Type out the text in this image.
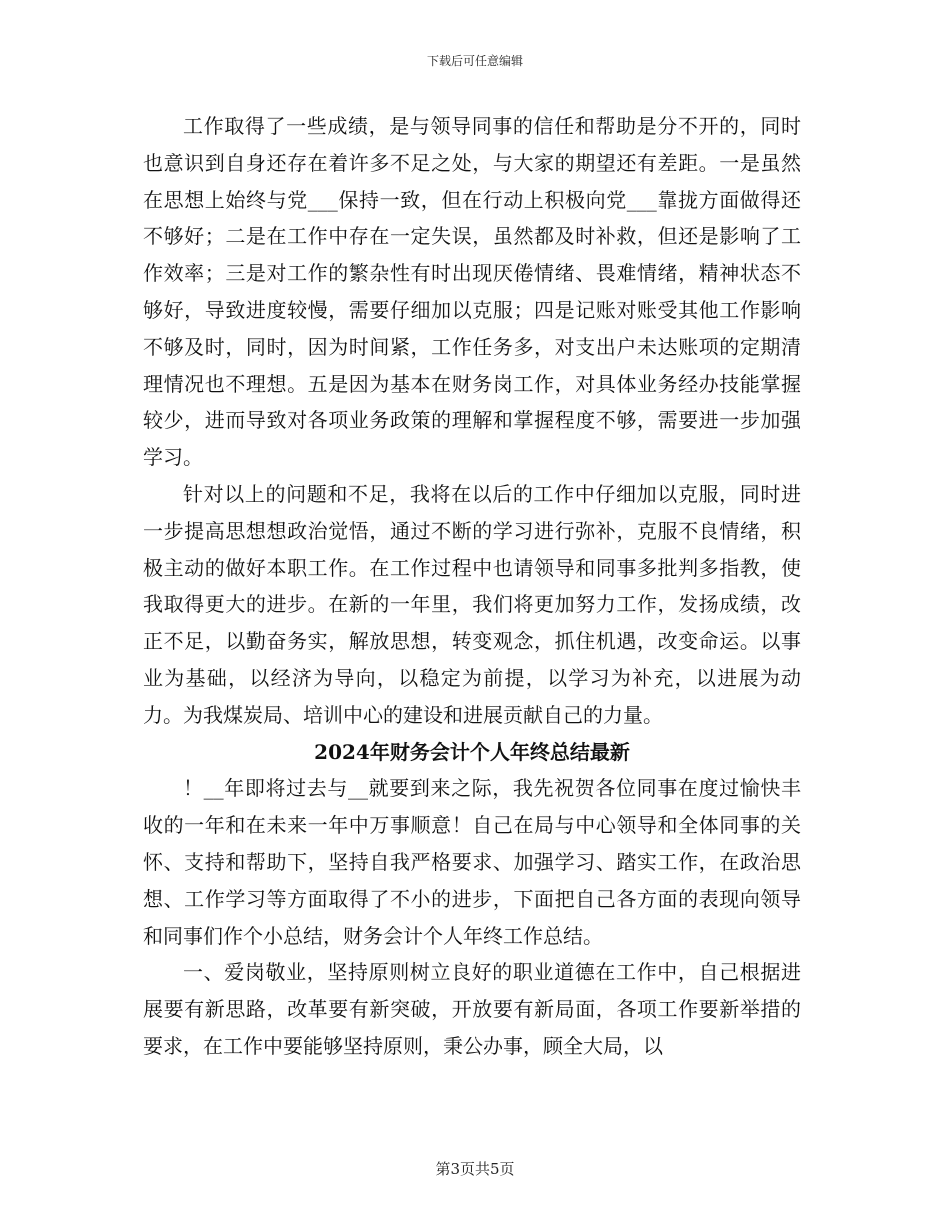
下载后可任意编辑

工作取得了一些成绩，是与领导同事的信任和帮助是分不开的，同时也意识到自身还存在着许多不足之处，与大家的期望还有差距。一是虽然在思想上始终与党___保持一致，但在行动上积极向党___靠拢方面做得还不够好；二是在工作中存在一定失误，虽然都及时补救，但还是影响了工作效率；三是对工作的繁杂性有时出现厌倦情绪、畏难情绪，精神状态不够好，导致进度较慢，需要仔细加以克服；四是记账对账受其他工作影响不够及时，同时，因为时间紧，工作任务多，对支出户未达账项的定期清理情况也不理想。五是因为基本在财务岗工作，对具体业务经办技能掌握较少，进而导致对各项业务政策的理解和掌握程度不够，需要进一步加强学习。

针对以上的问题和不足，我将在以后的工作中仔细加以克服，同时进一步提高思想想政治觉悟，通过不断的学习进行弥补，克服不良情绪，积极主动的做好本职工作。在工作过程中也请领导和同事多批判多指教，使我取得更大的进步。在新的一年里，我们将更加努力工作，发扬成绩，改正不足，以勤奋务实，解放思想，转变观念，抓住机遇，改变命运。以事业为基础，以经济为导向，以稳定为前提，以学习为补充，以进展为动力。为我煤炭局、培训中心的建设和进展贡献自己的力量。

2024年财务会计个人年终总结最新

！__年即将过去与__就要到来之际，我先祝贺各位同事在度过愉快丰收的一年和在未来一年中万事顺意！自己在局与中心领导和全体同事的关怀、支持和帮助下，坚持自我严格要求、加强学习、踏实工作，在政治思想、工作学习等方面取得了不小的进步，下面把自己各方面的表现向领导和同事们作个小总结，财务会计个人年终工作总结。

一、爱岗敬业，坚持原则树立良好的职业道德在工作中，自己根据进展要有新思路，改革要有新突破，开放要有新局面，各项工作要新举措的要求，在工作中要能够坚持原则，秉公办事，顾全大局，以

第3页共5页
